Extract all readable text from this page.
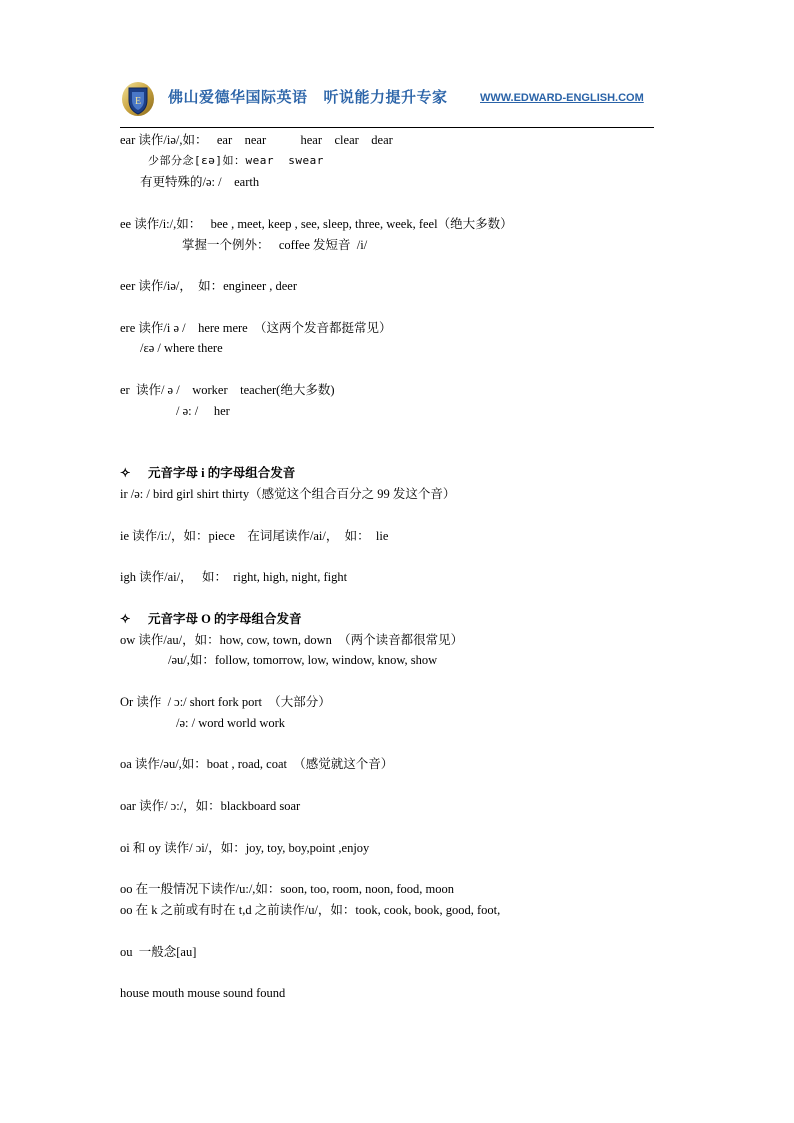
E 佛山爱德华国际英语 听说能力提升专家	WWW.EDWARD-ENGLISH.COM
ear 读作/iə/,如：   ear    near           hear    clear    dear
少部分念[εə]如：wear  swear
有更特殊的/ə: /    earth
ee 读作/i:/,如：   bee , meet, keep , see, sleep, three, week, feel（绝大多数）
掌握一个例外：   coffee 发短音  /i/
eer 读作/iə/，  如：engineer , deer
ere 读作/i ə /    here mere  （这两个发音都挺常见）
/εə / where there
er  读作/ ə /    worker    teacher(绝大多数)
/ ə: /     her
✧ 元音字母 i 的字母组合发音
ir /ə: / bird girl shirt thirty（感觉这个组合百分之 99 发这个音）
ie 读作/i:/，如：piece    在词尾读作/ai/，  如：  lie
igh 读作/ai/，   如：  right, high, night, fight
✧ 元音字母 O 的字母组合发音
ow 读作/au/，如：how, cow, town, down  （两个读音都很常见）
/əu/,如：follow, tomorrow, low, window, know, show
Or 读作  / ɔ:/ short fork port  （大部分）
/ə: / word world work
oa 读作/əu/,如：boat , road, coat  （感觉就这个音）
oar 读作/ ɔ:/，如：blackboard soar
oi 和 oy 读作/ ɔi/，如：joy, toy, boy,point ,enjoy
oo 在一般情况下读作/u:/,如：soon, too, room, noon, food, moon
oo 在 k 之前或有时在 t,d 之前读作/u/，如：took, cook, book, good, foot,
ou  一般念[au]
house mouth mouse sound found
